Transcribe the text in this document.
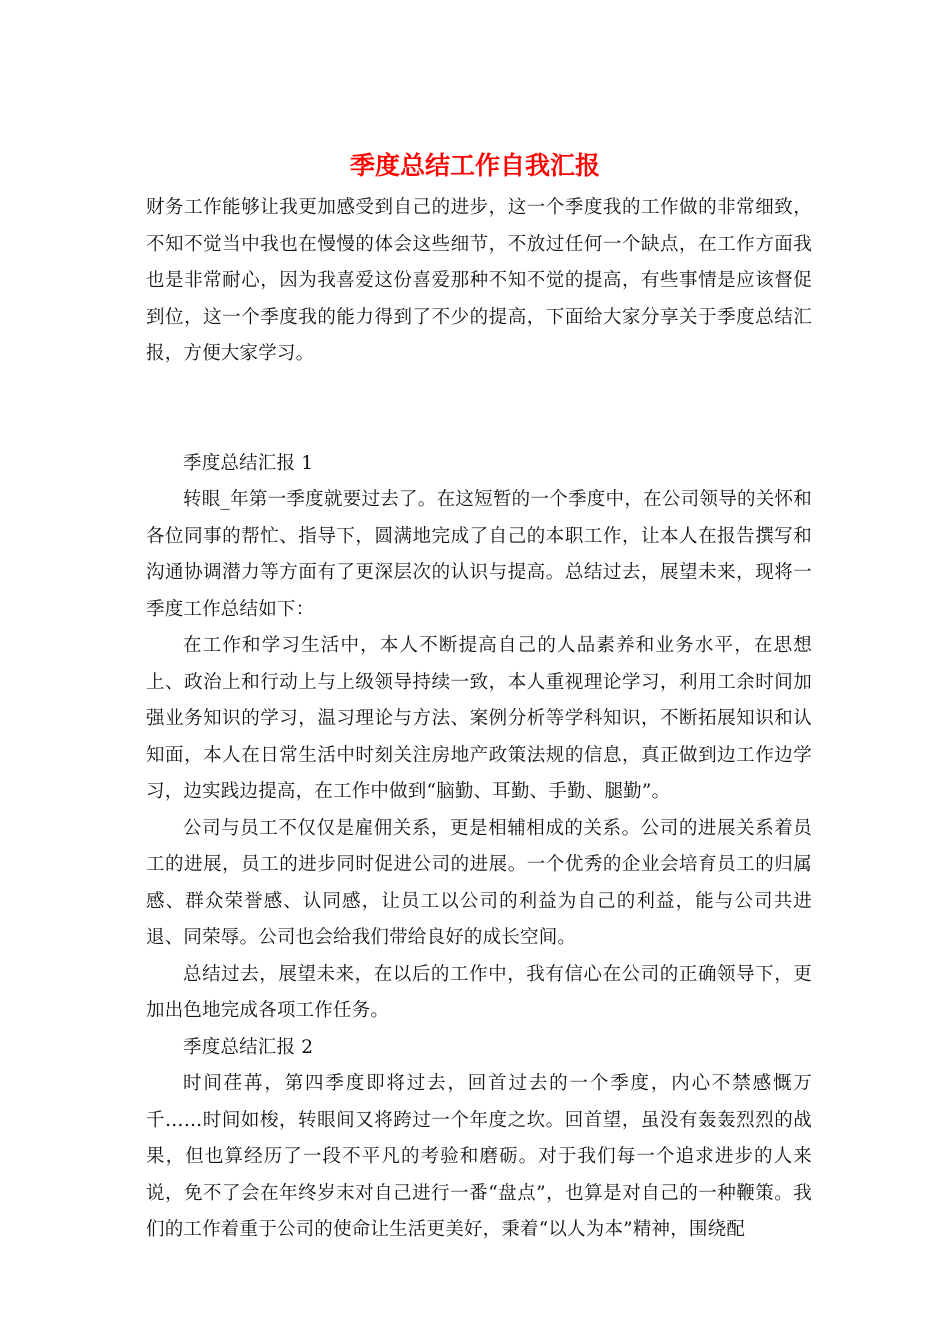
季度总结工作自我汇报

财务工作能够让我更加感受到自己的进步，这一个季度我的工作做的非常细致，不知不觉当中我也在慢慢的体会这些细节，不放过任何一个缺点，在工作方面我也是非常耐心，因为我喜爱这份喜爱那种不知不觉的提高，有些事情是应该督促到位，这一个季度我的能力得到了不少的提高，下面给大家分享关于季度总结汇报，方便大家学习。

季度总结汇报 1

转眼_年第一季度就要过去了。在这短暂的一个季度中，在公司领导的关怀和各位同事的帮忙、指导下，圆满地完成了自己的本职工作，让本人在报告撰写和沟通协调潜力等方面有了更深层次的认识与提高。总结过去，展望未来，现将一季度工作总结如下：

在工作和学习生活中，本人不断提高自己的人品素养和业务水平，在思想上、政治上和行动上与上级领导持续一致，本人重视理论学习，利用工余时间加强业务知识的学习，温习理论与方法、案例分析等学科知识，不断拓展知识和认知面，本人在日常生活中时刻关注房地产政策法规的信息，真正做到边工作边学习，边实践边提高，在工作中做到“脑勤、耳勤、手勤、腿勤”。

公司与员工不仅仅是雇佣关系，更是相辅相成的关系。公司的进展关系着员工的进展，员工的进步同时促进公司的进展。一个优秀的企业会培育员工的归属感、群众荣誉感、认同感，让员工以公司的利益为自己的利益，能与公司共进退、同荣辱。公司也会给我们带给良好的成长空间。

总结过去，展望未来，在以后的工作中，我有信心在公司的正确领导下，更加出色地完成各项工作任务。

季度总结汇报 2

时间荏苒，第四季度即将过去，回首过去的一个季度，内心不禁感慨万千……时间如梭，转眼间又将跨过一个年度之坎。回首望，虽没有轰轰烈烈的战果，但也算经历了一段不平凡的考验和磨砺。对于我们每一个追求进步的人来说，免不了会在年终岁末对自己进行一番“盘点”，也算是对自己的一种鞭策。我们的工作着重于公司的使命让生活更美好，秉着“以人为本”精神，围绕配
